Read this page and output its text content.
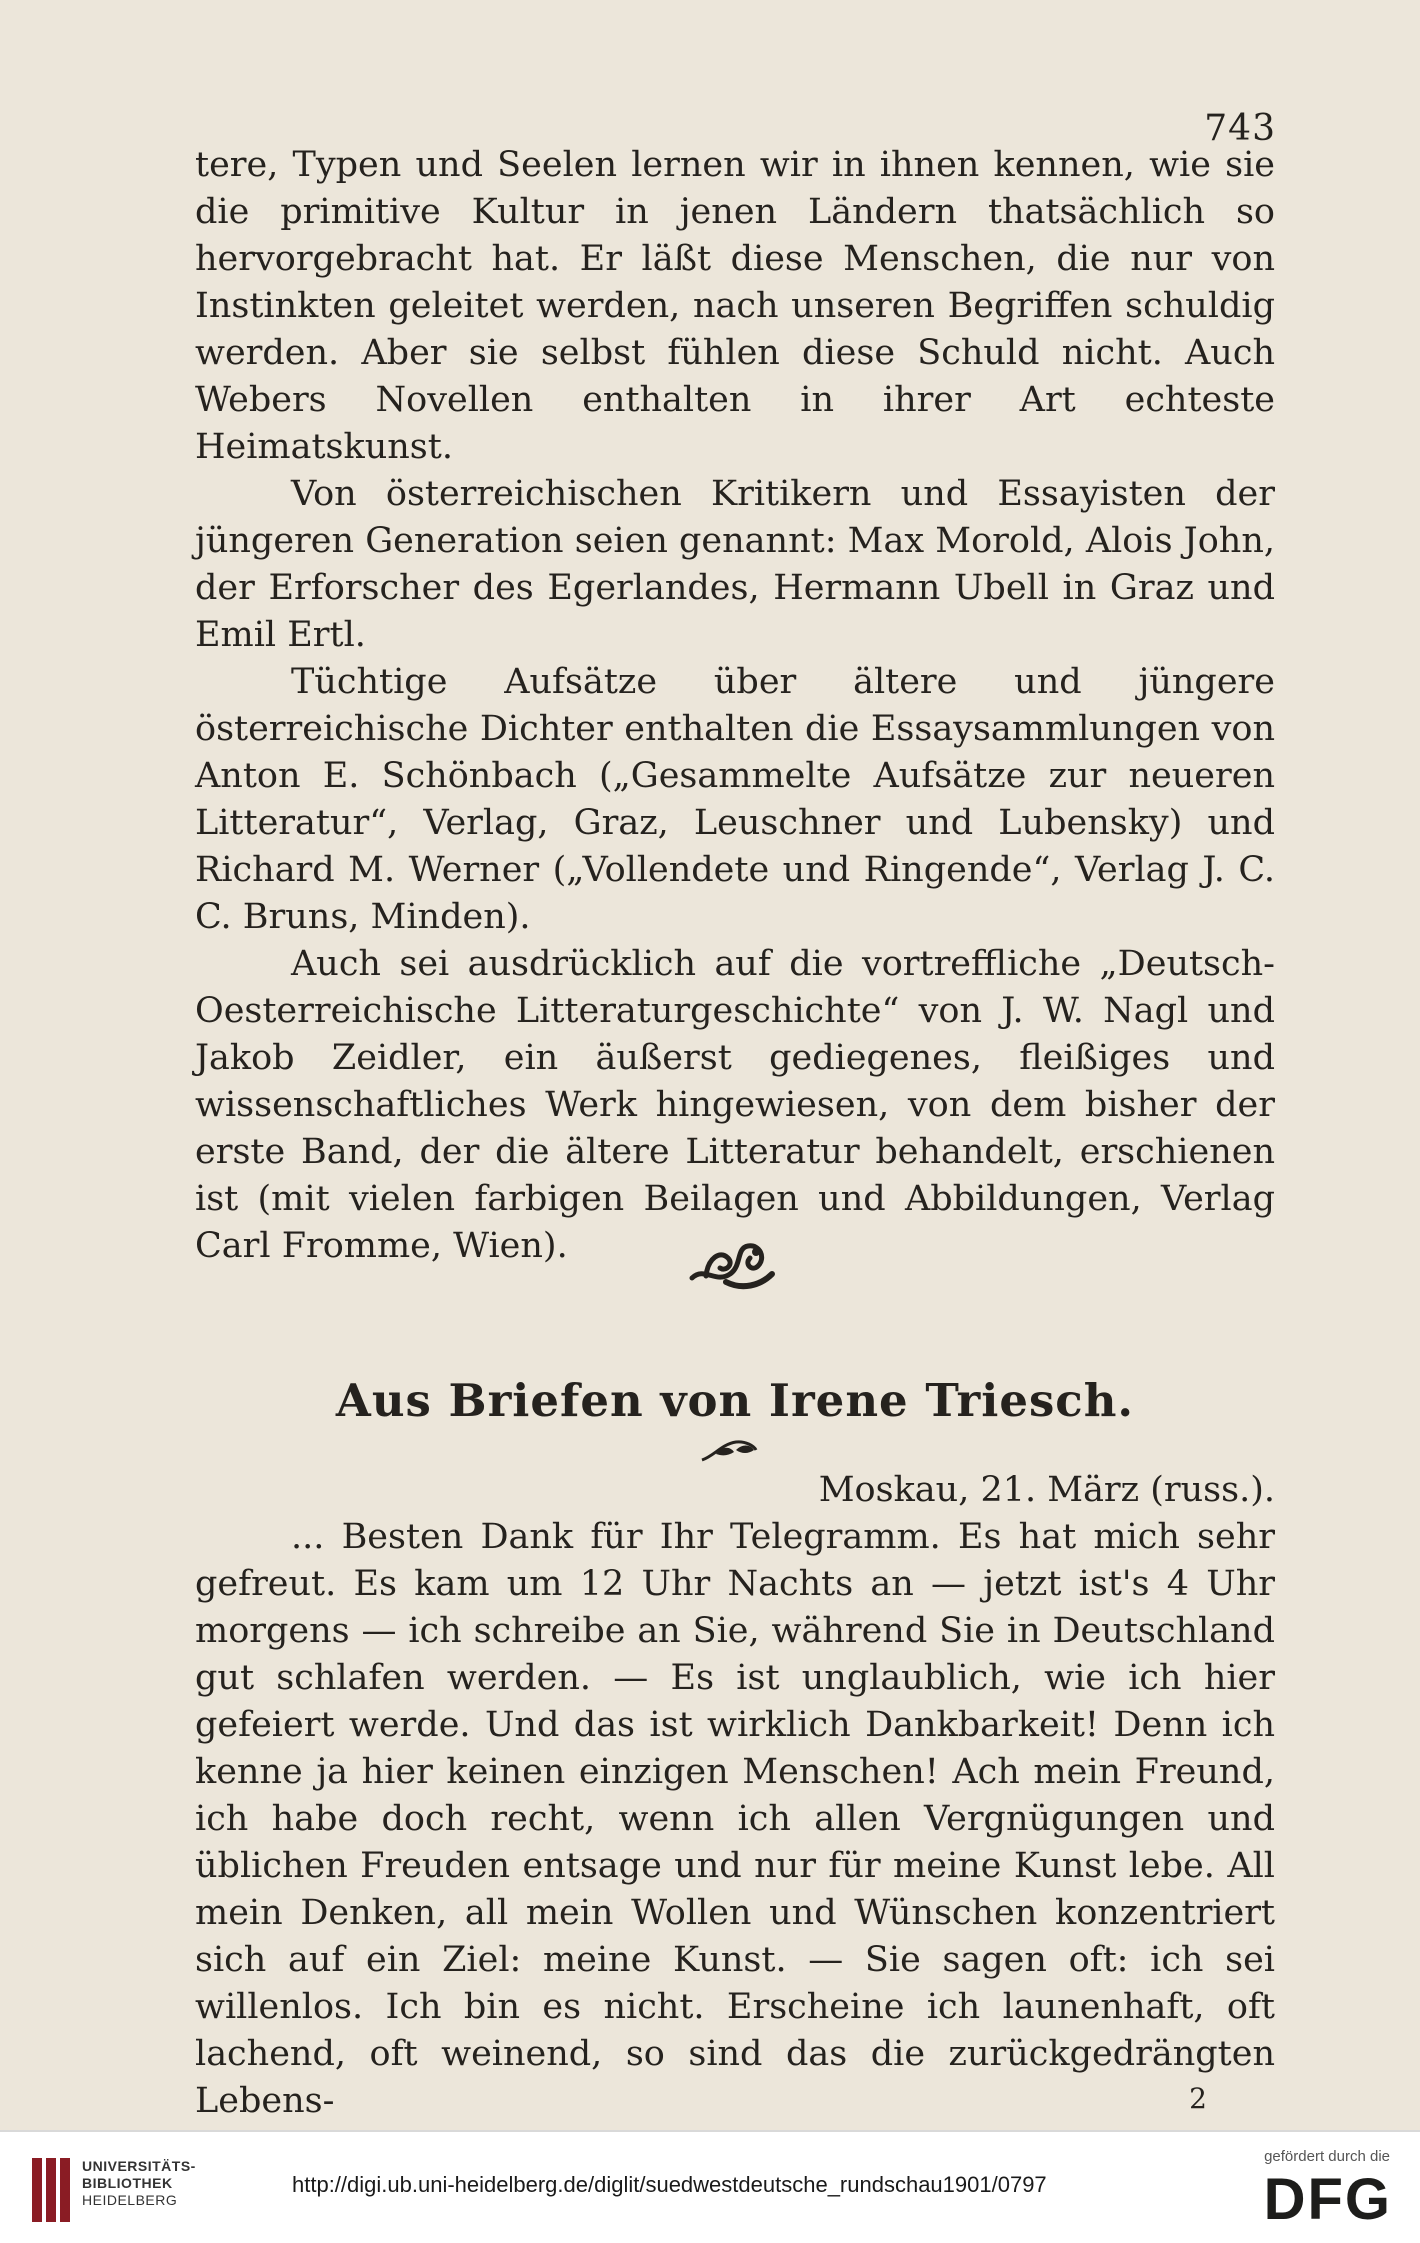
743

tere, Typen und Seelen lernen wir in ihnen kennen, wie sie die primitive Kultur in jenen Ländern thatsächlich so hervorgebracht hat. Er läßt diese Menschen, die nur von Instinkten geleitet werden, nach unseren Begriffen schuldig werden. Aber sie selbst fühlen diese Schuld nicht. Auch Webers Novellen enthalten in ihrer Art echteste Heimatskunst.

Von österreichischen Kritikern und Essayisten der jüngeren Generation seien genannt: Max Morold, Alois John, der Erforscher des Egerlandes, Hermann Ubell in Graz und Emil Ertl.

Tüchtige Aufsätze über ältere und jüngere österreichische Dichter enthalten die Essaysammlungen von Anton E. Schönbach („Gesammelte Aufsätze zur neueren Litteratur“, Verlag, Graz, Leuschner und Lubensky) und Richard M. Werner („Vollendete und Ringende“, Verlag J. C. C. Bruns, Minden).

Auch sei ausdrücklich auf die vortreffliche „Deutsch-Oesterreichische Litteraturgeschichte“ von J. W. Nagl und Jakob Zeidler, ein äußerst gediegenes, fleißiges und wissenschaftliches Werk hingewiesen, von dem bisher der erste Band, der die ältere Litteratur behandelt, erschienen ist (mit vielen farbigen Beilagen und Abbildungen, Verlag Carl Fromme, Wien).

Aus Briefen von Irene Triesch.
Moskau, 21. März (russ.).

... Besten Dank für Ihr Telegramm. Es hat mich sehr gefreut. Es kam um 12 Uhr Nachts an — jetzt ist's 4 Uhr morgens — ich schreibe an Sie, während Sie in Deutschland gut schlafen werden. — Es ist unglaublich, wie ich hier gefeiert werde. Und das ist wirklich Dankbarkeit! Denn ich kenne ja hier keinen einzigen Menschen! Ach mein Freund, ich habe doch recht, wenn ich allen Vergnügungen und üblichen Freuden entsage und nur für meine Kunst lebe. All mein Denken, all mein Wollen und Wünschen konzentriert sich auf ein Ziel: meine Kunst. — Sie sagen oft: ich sei willenlos. Ich bin es nicht. Erscheine ich launenhaft, oft lachend, oft weinend, so sind das die zurückgedrängten Lebens-	2
UNIVERSITÄTS-
BIBLIOTHEK
HEIDELBERG
http://digi.ub.uni-heidelberg.de/diglit/suedwestdeutsche_rundschau1901/0797
gefördert durch die
DFG
